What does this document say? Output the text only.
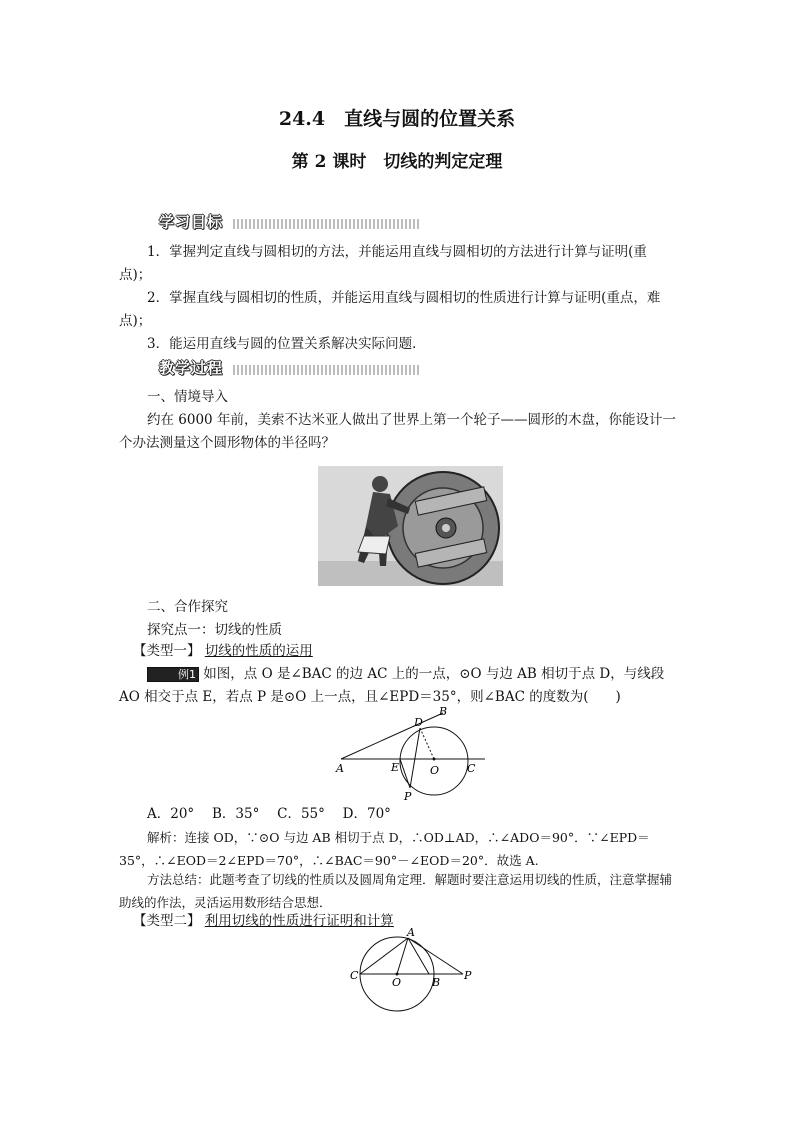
24.4　直线与圆的位置关系
第 2 课时　切线的判定定理
学习目标
1．掌握判定直线与圆相切的方法，并能运用直线与圆相切的方法进行计算与证明(重点)；
2．掌握直线与圆相切的性质，并能运用直线与圆相切的性质进行计算与证明(重点，难点)；
3．能运用直线与圆的位置关系解决实际问题．
教学过程
一、情境导入
约在 6000 年前，美索不达米亚人做出了世界上第一个轮子——圆形的木盘，你能设计一个办法测量这个圆形物体的半径吗？
二、合作探究
探究点一：切线的性质
【类型一】 切线的性质的运用
例1 如图，点 O 是∠BAC 的边 AC 上的一点，⊙O 与边 AB 相切于点 D，与线段 AO 相交于点 E，若点 P 是⊙O 上一点，且∠EPD＝35°，则∠BAC 的度数为(　　)
A
B
D
E	O	C
P
A．20°　 B．35°　 C．55°　 D．70°
解析：连接 OD，∵⊙O 与边 AB 相切于点 D，∴OD⊥AD，∴∠ADO＝90°．∵∠EPD＝35°，∴∠EOD＝2∠EPD＝70°，∴∠BAC＝90°－∠EOD＝20°．故选 A.
方法总结：此题考查了切线的性质以及圆周角定理．解题时要注意运用切线的性质，注意掌握辅助线的作法，灵活运用数形结合思想．
【类型二】 利用切线的性质进行证明和计算
A
C
O	B
P
